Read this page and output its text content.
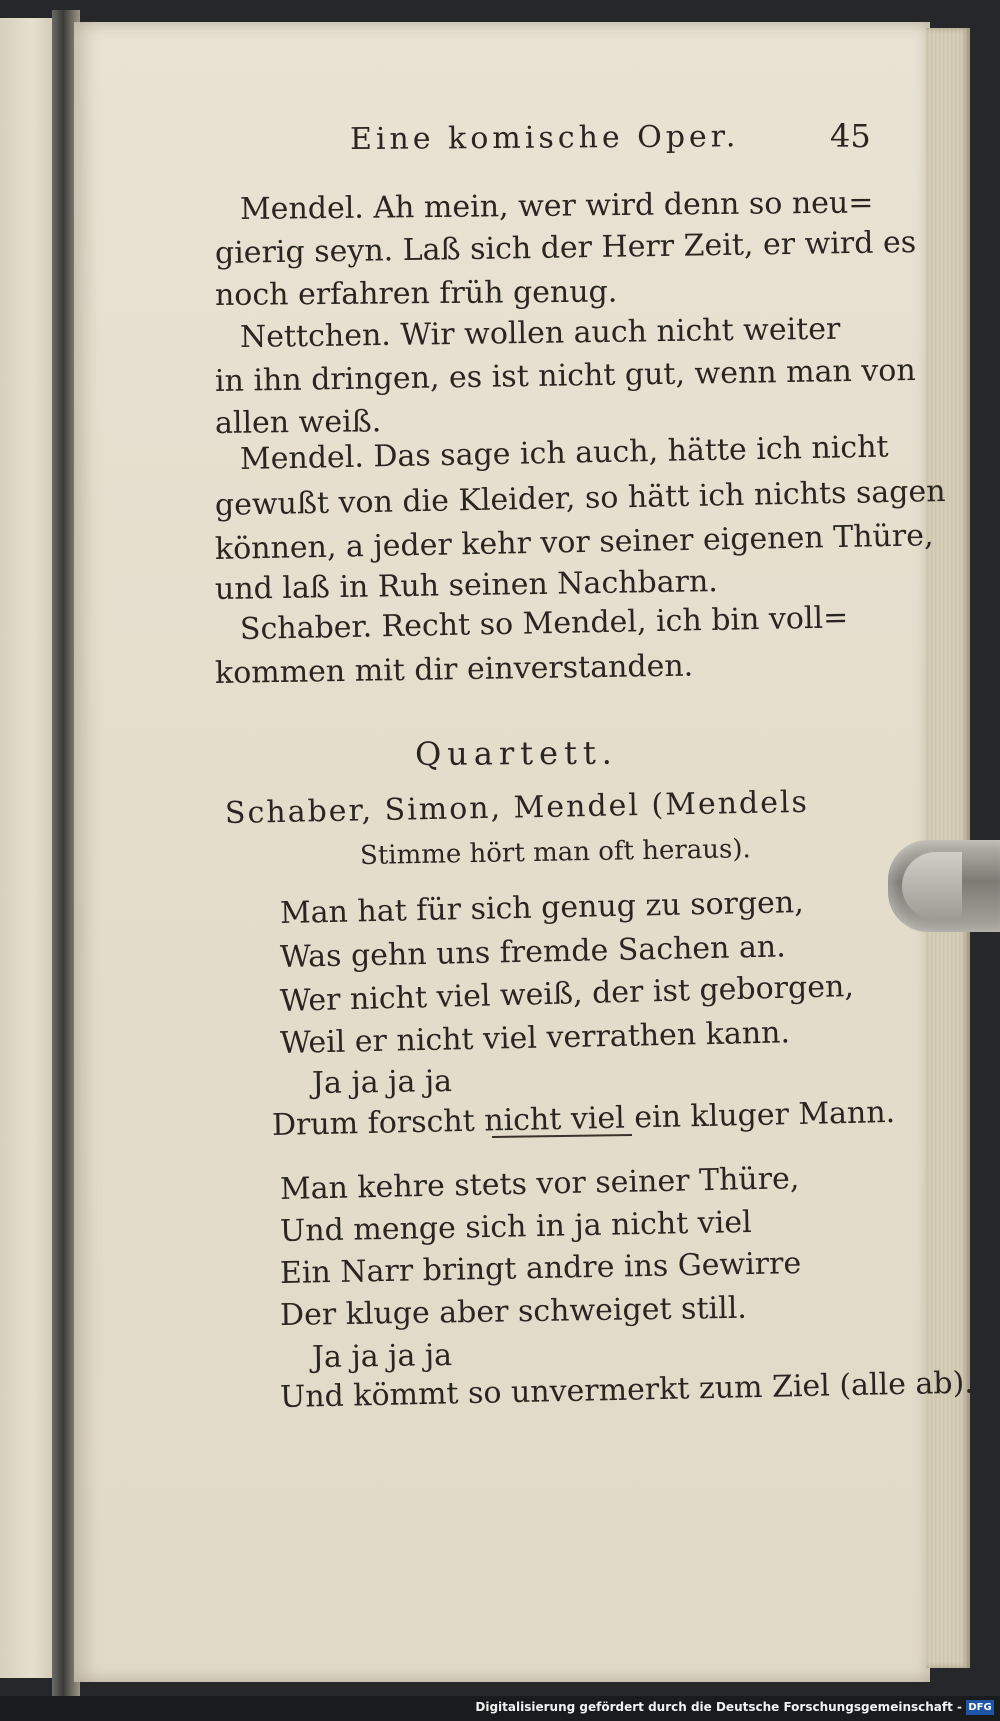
Eine komische Oper.	45

Mendel. Ah mein, wer wird denn so neu=

gierig seyn. Laß sich der Herr Zeit, er wird es

noch erfahren früh genug.

Nettchen. Wir wollen auch nicht weiter

in ihn dringen, es ist nicht gut, wenn man von

allen weiß.

Mendel. Das sage ich auch, hätte ich nicht

gewußt von die Kleider, so hätt ich nichts sagen

können, a jeder kehr vor seiner eigenen Thüre,

und laß in Ruh seinen Nachbarn.

Schaber. Recht so Mendel, ich bin voll=

kommen mit dir einverstanden.

Quartett.

Schaber, Simon, Mendel (Mendels

Stimme hört man oft heraus).

Man hat für sich genug zu sorgen,

Was gehn uns fremde Sachen an.

Wer nicht viel weiß, der ist geborgen,

Weil er nicht viel verrathen kann.

Ja ja ja ja

Drum forscht nicht viel ein kluger Mann.

Man kehre stets vor seiner Thüre,

Und menge sich in ja nicht viel

Ein Narr bringt andre ins Gewirre

Der kluge aber schweiget still.

Ja ja ja ja

Und kömmt so unvermerkt zum Ziel (alle ab).

Digitalisierung gefördert durch die Deutsche Forschungsgemeinschaft - DFG
